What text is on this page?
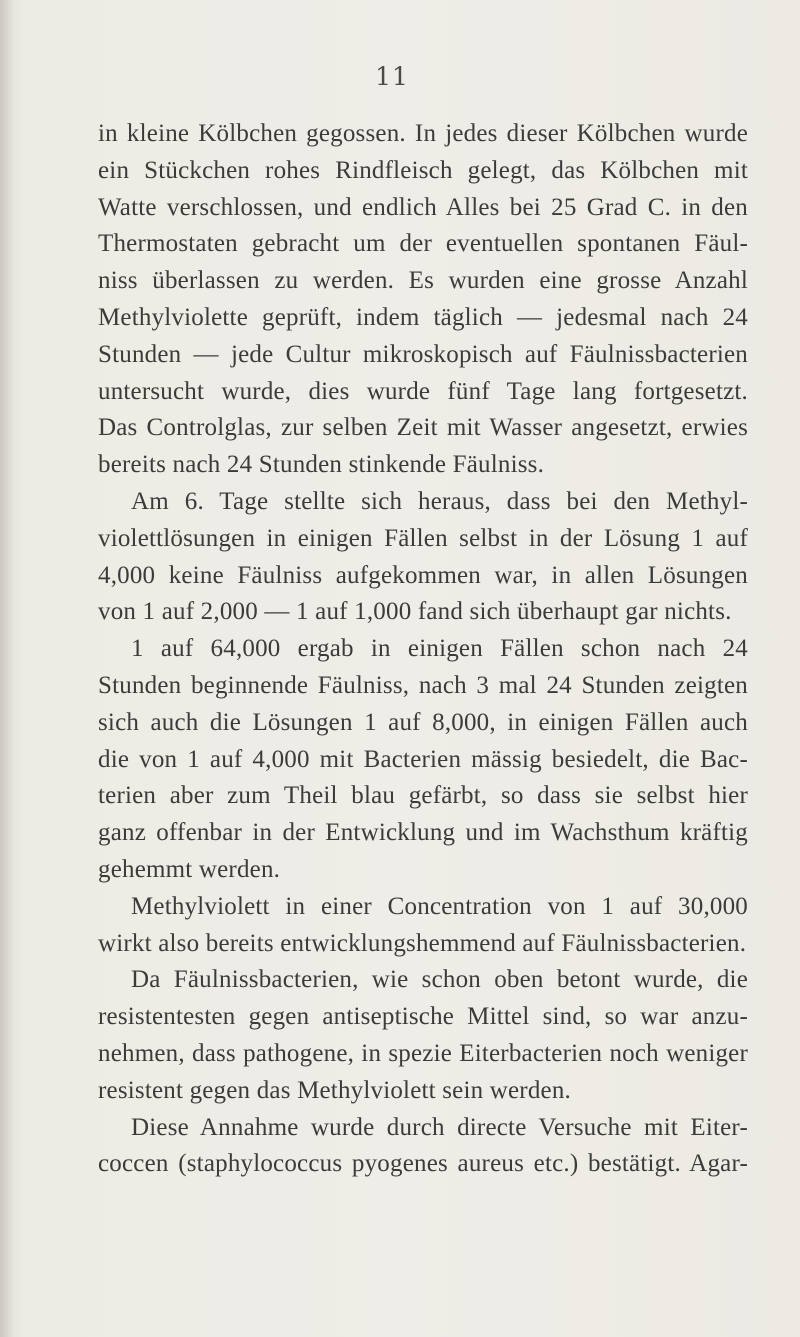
11
in kleine Kölbchen gegossen. In jedes dieser Kölbchen wurde
ein Stückchen rohes Rindfleisch gelegt, das Kölbchen mit
Watte verschlossen, und endlich Alles bei 25 Grad C. in den
Thermostaten gebracht um der eventuellen spontanen Fäul-
niss überlassen zu werden. Es wurden eine grosse Anzahl
Methylviolette geprüft, indem täglich — jedesmal nach 24
Stunden — jede Cultur mikroskopisch auf Fäulnissbacterien
untersucht wurde, dies wurde fünf Tage lang fortgesetzt.
Das Controlglas, zur selben Zeit mit Wasser angesetzt, erwies
bereits nach 24 Stunden stinkende Fäulniss.
Am 6. Tage stellte sich heraus, dass bei den Methyl-
violettlösungen in einigen Fällen selbst in der Lösung 1 auf
4,000 keine Fäulniss aufgekommen war, in allen Lösungen
von 1 auf 2,000 — 1 auf 1,000 fand sich überhaupt gar nichts.
1 auf 64,000 ergab in einigen Fällen schon nach 24
Stunden beginnende Fäulniss, nach 3 mal 24 Stunden zeigten
sich auch die Lösungen 1 auf 8,000, in einigen Fällen auch
die von 1 auf 4,000 mit Bacterien mässig besiedelt, die Bac-
terien aber zum Theil blau gefärbt, so dass sie selbst hier
ganz offenbar in der Entwicklung und im Wachsthum kräftig
gehemmt werden.
Methylviolett in einer Concentration von 1 auf 30,000
wirkt also bereits entwicklungshemmend auf Fäulnissbacterien.
Da Fäulnissbacterien, wie schon oben betont wurde, die
resistentesten gegen antiseptische Mittel sind, so war anzu-
nehmen, dass pathogene, in spezie Eiterbacterien noch weniger
resistent gegen das Methylviolett sein werden.
Diese Annahme wurde durch directe Versuche mit Eiter-
coccen (staphylococcus pyogenes aureus etc.) bestätigt. Agar-
